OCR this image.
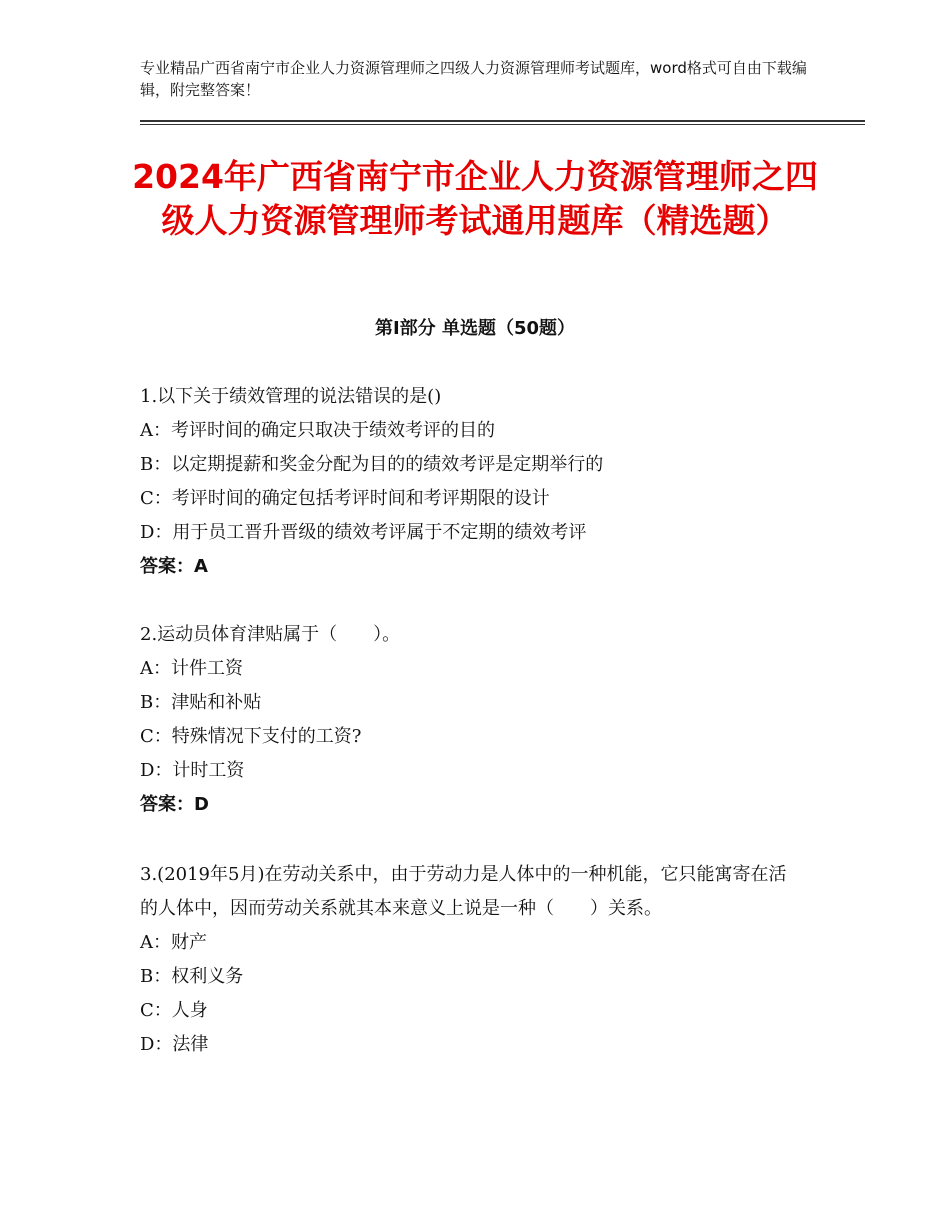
专业精品广西省南宁市企业人力资源管理师之四级人力资源管理师考试题库，word格式可自由下载编辑，附完整答案！
2024年广西省南宁市企业人力资源管理师之四级人力资源管理师考试通用题库（精选题）
第Ⅰ部分 单选题（50题）
1.以下关于绩效管理的说法错误的是()
A：考评时间的确定只取决于绩效考评的目的
B：以定期提薪和奖金分配为目的的绩效考评是定期举行的
C：考评时间的确定包括考评时间和考评期限的设计
D：用于员工晋升晋级的绩效考评属于不定期的绩效考评
答案：A
2.运动员体育津贴属于（　　）。
A：计件工资
B：津贴和补贴
C：特殊情况下支付的工资?
D：计时工资
答案：D
3.(2019年5月)在劳动关系中，由于劳动力是人体中的一种机能，它只能寓寄在活的人体中，因而劳动关系就其本来意义上说是一种（　　）关系。
A：财产
B：权利义务
C：人身
D：法律
